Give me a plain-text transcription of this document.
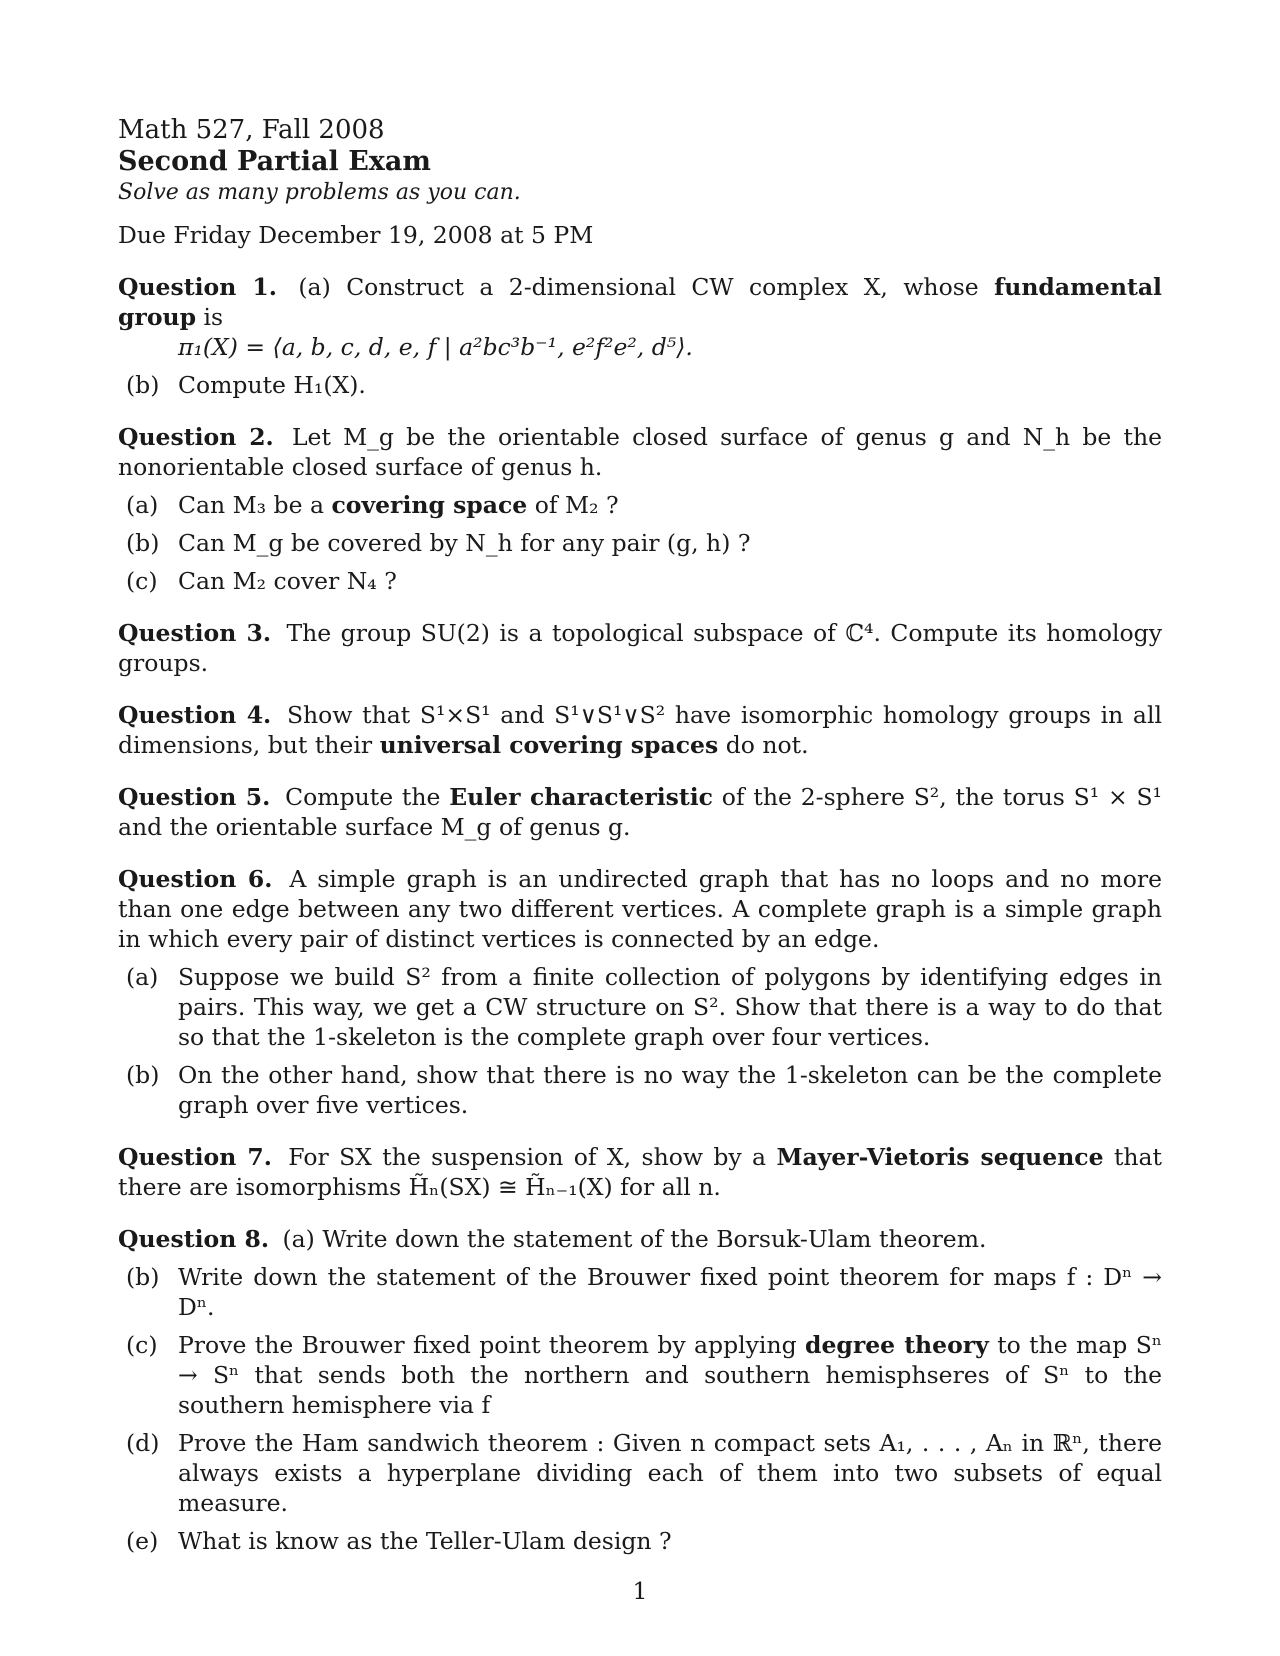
Math 527, Fall 2008
Second Partial Exam
Solve as many problems as you can.
Due Friday December 19, 2008 at 5 PM
Question 1. (a) Construct a 2-dimensional CW complex X, whose fundamental group is
π₁(X) = ⟨a, b, c, d, e, f | a²bc³b⁻¹, e²f²e², d⁵⟩.
(b) Compute H₁(X).
Question 2. Let M_g be the orientable closed surface of genus g and N_h be the nonorientable closed surface of genus h.
(a) Can M₃ be a covering space of M₂ ?
(b) Can M_g be covered by N_h for any pair (g, h) ?
(c) Can M₂ cover N₄ ?
Question 3. The group SU(2) is a topological subspace of ℂ⁴. Compute its homology groups.
Question 4. Show that S¹×S¹ and S¹∨S¹∨S² have isomorphic homology groups in all dimensions, but their universal covering spaces do not.
Question 5. Compute the Euler characteristic of the 2-sphere S², the torus S¹ × S¹ and the orientable surface M_g of genus g.
Question 6. A simple graph is an undirected graph that has no loops and no more than one edge between any two different vertices. A complete graph is a simple graph in which every pair of distinct vertices is connected by an edge.
(a) Suppose we build S² from a finite collection of polygons by identifying edges in pairs. This way, we get a CW structure on S². Show that there is a way to do that so that the 1-skeleton is the complete graph over four vertices.
(b) On the other hand, show that there is no way the 1-skeleton can be the complete graph over five vertices.
Question 7. For SX the suspension of X, show by a Mayer-Vietoris sequence that there are isomorphisms H̃ₙ(SX) ≅ H̃ₙ₋₁(X) for all n.
Question 8. (a) Write down the statement of the Borsuk-Ulam theorem.
(b) Write down the statement of the Brouwer fixed point theorem for maps f : Dⁿ → Dⁿ.
(c) Prove the Brouwer fixed point theorem by applying degree theory to the map Sⁿ → Sⁿ that sends both the northern and southern hemisphseres of Sⁿ to the southern hemisphere via f
(d) Prove the Ham sandwich theorem : Given n compact sets A₁, . . . , Aₙ in ℝⁿ, there always exists a hyperplane dividing each of them into two subsets of equal measure.
(e) What is know as the Teller-Ulam design ?
1
